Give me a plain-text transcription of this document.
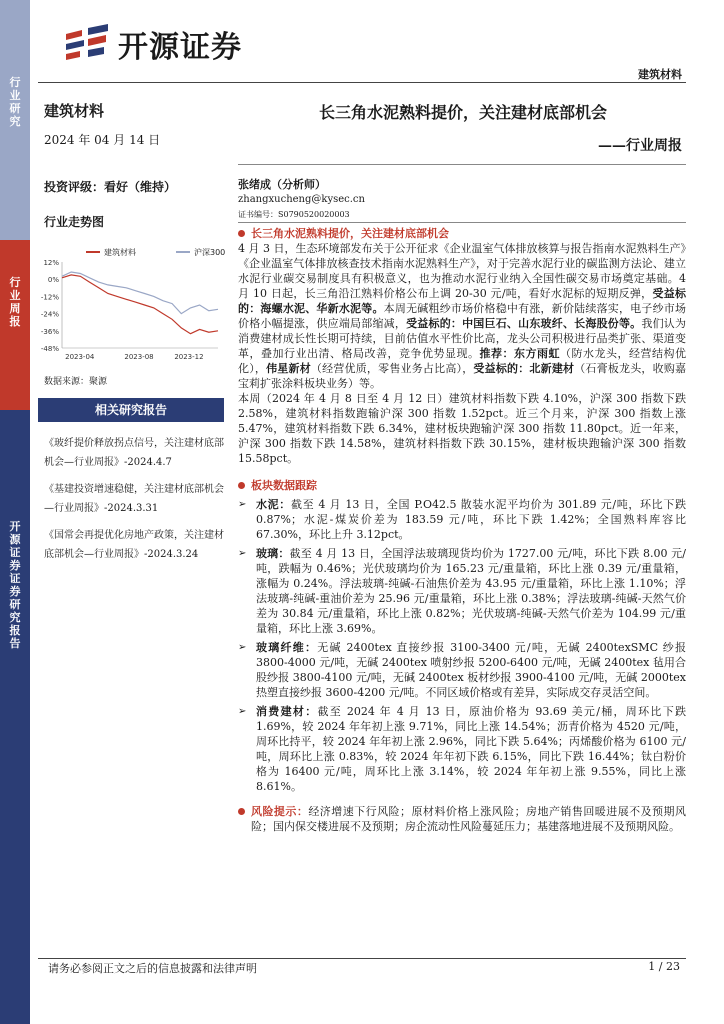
行业研究
行业周报
开源证券 证券研究报告
开源证券
建筑材料
建筑材料
2024 年 04 月 14 日
投资评级：看好（维持）
行业走势图
建筑材料	沪深300
12%
0%
-12%
-24%
-36%
-48%
2023-04	2023-08	2023-12
数据来源：聚源
相关研究报告

《玻纤提价释放拐点信号，关注建材底部机会—行业周报》-2024.4.7

《基建投资增速稳健，关注建材底部机会—行业周报》-2024.3.31

《国常会再提优化房地产政策，关注建材底部机会—行业周报》-2024.3.24

长三角水泥熟料提价，关注建材底部机会
——行业周报
张绪成（分析师）
zhangxucheng@kysec.cn
证书编号：S0790520020003
长三角水泥熟料提价，关注建材底部机会

4 月 3 日，生态环境部发布关于公开征求《企业温室气体排放核算与报告指南水泥熟料生产》《企业温室气体排放核查技术指南水泥熟料生产》，对于完善水泥行业的碳监测方法论、建立水泥行业碳交易制度具有积极意义，也为推动水泥行业纳入全国性碳交易市场奠定基础。4 月 10 日起，长三角沿江熟料价格公布上调 20-30 元/吨，看好水泥标的短期反弹，受益标的：海螺水泥、华新水泥等。本周无碱粗纱市场价格稳中有涨，新价陆续落实，电子纱市场价格小幅提涨，供应端局部缩减，受益标的：中国巨石、山东玻纤、长海股份等。我们认为消费建材成长性长期可持续，目前估值水平性价比高，龙头公司积极进行品类扩张、渠道变革，叠加行业出清、格局改善，竞争优势显现。推荐：东方雨虹（防水龙头，经营结构优化），伟星新材（经营优质，零售业务占比高），受益标的：北新建材（石膏板龙头，收购嘉宝莉扩张涂料板块业务）等。

本周（2024 年 4 月 8 日至 4 月 12 日）建筑材料指数下跌 4.10%，沪深 300 指数下跌 2.58%，建筑材料指数跑输沪深 300 指数 1.52pct。近三个月来，沪深 300 指数上涨 5.47%，建筑材料指数下跌 6.34%，建材板块跑输沪深 300 指数 11.80pct。近一年来，沪深 300 指数下跌 14.58%，建筑材料指数下跌 30.15%，建材板块跑输沪深 300 指数 15.58pct。

板块数据跟踪
➢ 水泥：截至 4 月 13 日，全国 P.O42.5 散装水泥平均价为 301.89 元/吨，环比下跌 0.87%；水泥-煤炭价差为 183.59 元/吨，环比下跌 1.42%；全国熟料库容比 67.30%，环比上升 3.12pct。

➢ 玻璃：截至 4 月 13 日，全国浮法玻璃现货均价为 1727.00 元/吨，环比下跌 8.00 元/吨，跌幅为 0.46%；光伏玻璃均价为 165.23 元/重量箱，环比上涨 0.39 元/重量箱，涨幅为 0.24%。浮法玻璃-纯碱-石油焦价差为 43.95 元/重量箱，环比上涨 1.10%；浮法玻璃-纯碱-重油价差为 25.96 元/重量箱，环比上涨 0.38%；浮法玻璃-纯碱-天然气价差为 30.84 元/重量箱，环比上涨 0.82%；光伏玻璃-纯碱-天然气价差为 104.99 元/重量箱，环比上涨 3.69%。

➢ 玻璃纤维：无碱 2400tex 直接纱报 3100-3400 元/吨，无碱 2400texSMC 纱报 3800-4000 元/吨，无碱 2400tex 喷射纱报 5200-6400 元/吨，无碱 2400tex 毡用合股纱报 3800-4100 元/吨，无碱 2400tex 板材纱报 3900-4100 元/吨，无碱 2000tex 热塑直接纱报 3600-4200 元/吨。不同区域价格或有差异，实际成交存灵活空间。

➢ 消费建材：截至 2024 年 4 月 13 日，原油价格为 93.69 美元/桶，周环比下跌 1.69%，较 2024 年年初上涨 9.71%，同比上涨 14.54%；沥青价格为 4520 元/吨，周环比持平，较 2024 年年初上涨 2.96%，同比下跌 5.64%；丙烯酸价格为 6100 元/吨，周环比上涨 0.83%，较 2024 年年初下跌 6.15%，同比下跌 16.44%；钛白粉价格为 16400 元/吨，周环比上涨 3.14%，较 2024 年年初上涨 9.55%，同比上涨 8.61%。

风险提示：经济增速下行风险；原材料价格上涨风险；房地产销售回暖进展不及预期风险；国内保交楼进展不及预期；房企流动性风险蔓延压力；基建落地进展不及预期风险。

请务必参阅正文之后的信息披露和法律声明	1 / 23
